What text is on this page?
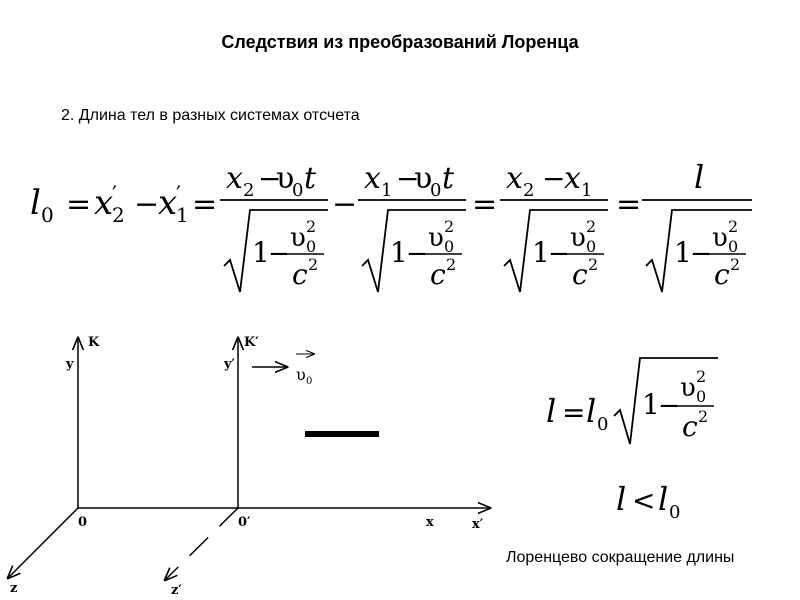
Следствия из преобразований Лоренца
2. Длина тел в разных системах отсчета
l 0 = x
′
2 −
x
′
1 =
x 2 −
υ
0 t
1
−
υ 2
0
c 2
−
x 1 −
υ
0 t
1
−
υ 2
0
c 2
=
x 2 −
x 1
1
−
υ 2
0
c 2
=
l
1
−
υ 2
0
c 2
K
y
K′
y′
0	0′	x	x′
z	z′
υ 0
l = l 0
1
−
υ 2
0
c 2
l < l 0
Лоренцево сокращение длины
